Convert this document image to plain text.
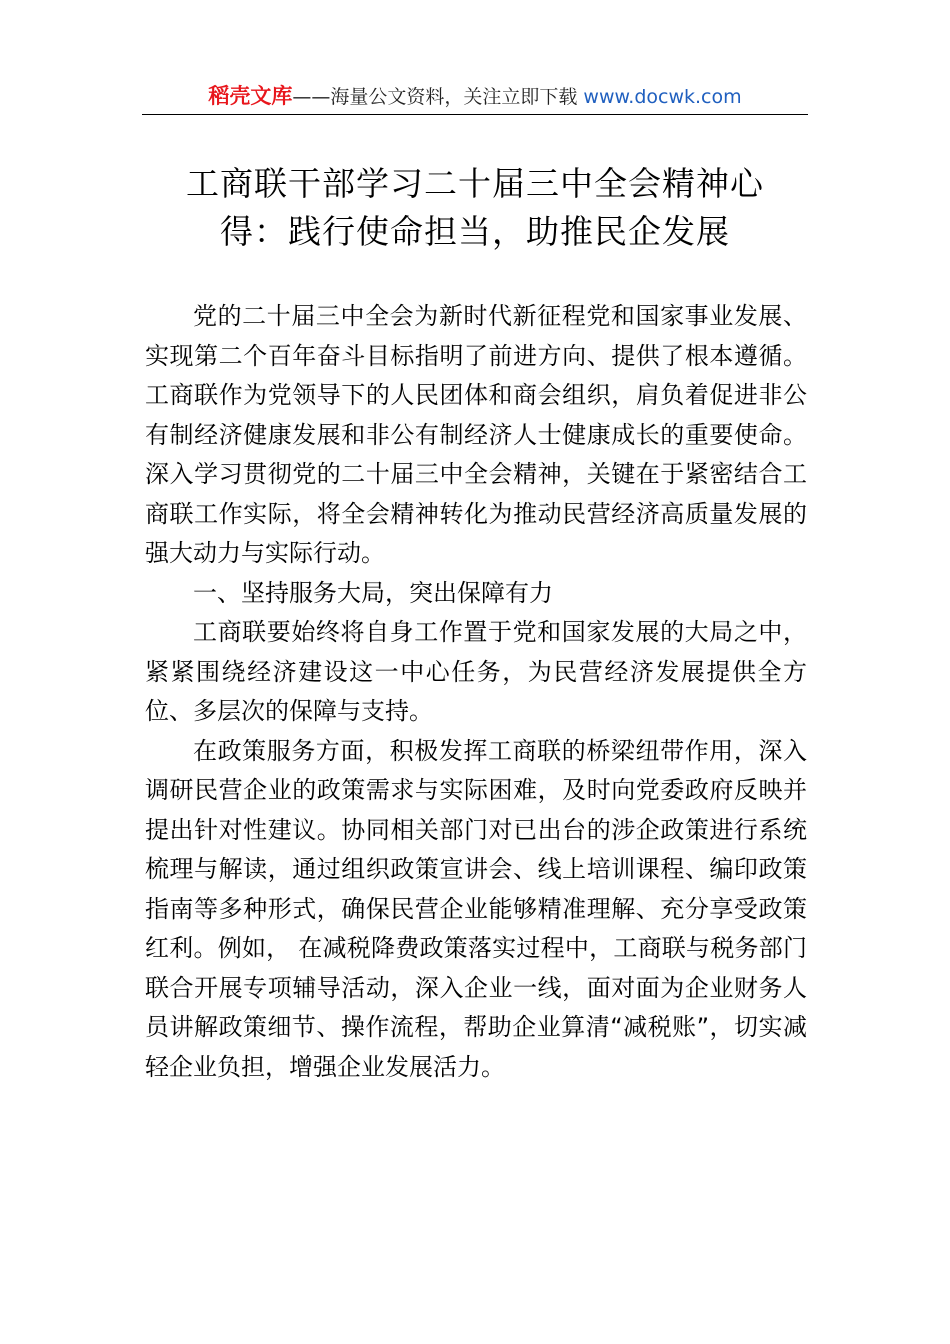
稻壳文库——海量公文资料，关注立即下载 www.docwk.com
工商联干部学习二十届三中全会精神心
得：践行使命担当，助推民企发展

党的二十届三中全会为新时代新征程党和国家事业发展、实现第二个百年奋斗目标指明了前进方向、提供了根本遵循。工商联作为党领导下的人民团体和商会组织，肩负着促进非公有制经济健康发展和非公有制经济人士健康成长的重要使命。深入学习贯彻党的二十届三中全会精神，关键在于紧密结合工商联工作实际，将全会精神转化为推动民营经济高质量发展的强大动力与实际行动。

一、坚持服务大局，突出保障有力

工商联要始终将自身工作置于党和国家发展的大局之中，紧紧围绕经济建设这一中心任务，为民营经济发展提供全方位、多层次的保障与支持。

在政策服务方面，积极发挥工商联的桥梁纽带作用，深入调研民营企业的政策需求与实际困难，及时向党委政府反映并提出针对性建议。协同相关部门对已出台的涉企政策进行系统梳理与解读，通过组织政策宣讲会、线上培训课程、编印政策指南等多种形式，确保民营企业能够精准理解、充分享受政策红利。例如， 在减税降费政策落实过程中，工商联与税务部门联合开展专项辅导活动，深入企业一线，面对面为企业财务人员讲解政策细节、操作流程，帮助企业算清“减税账”，切实减轻企业负担，增强企业发展活力。
